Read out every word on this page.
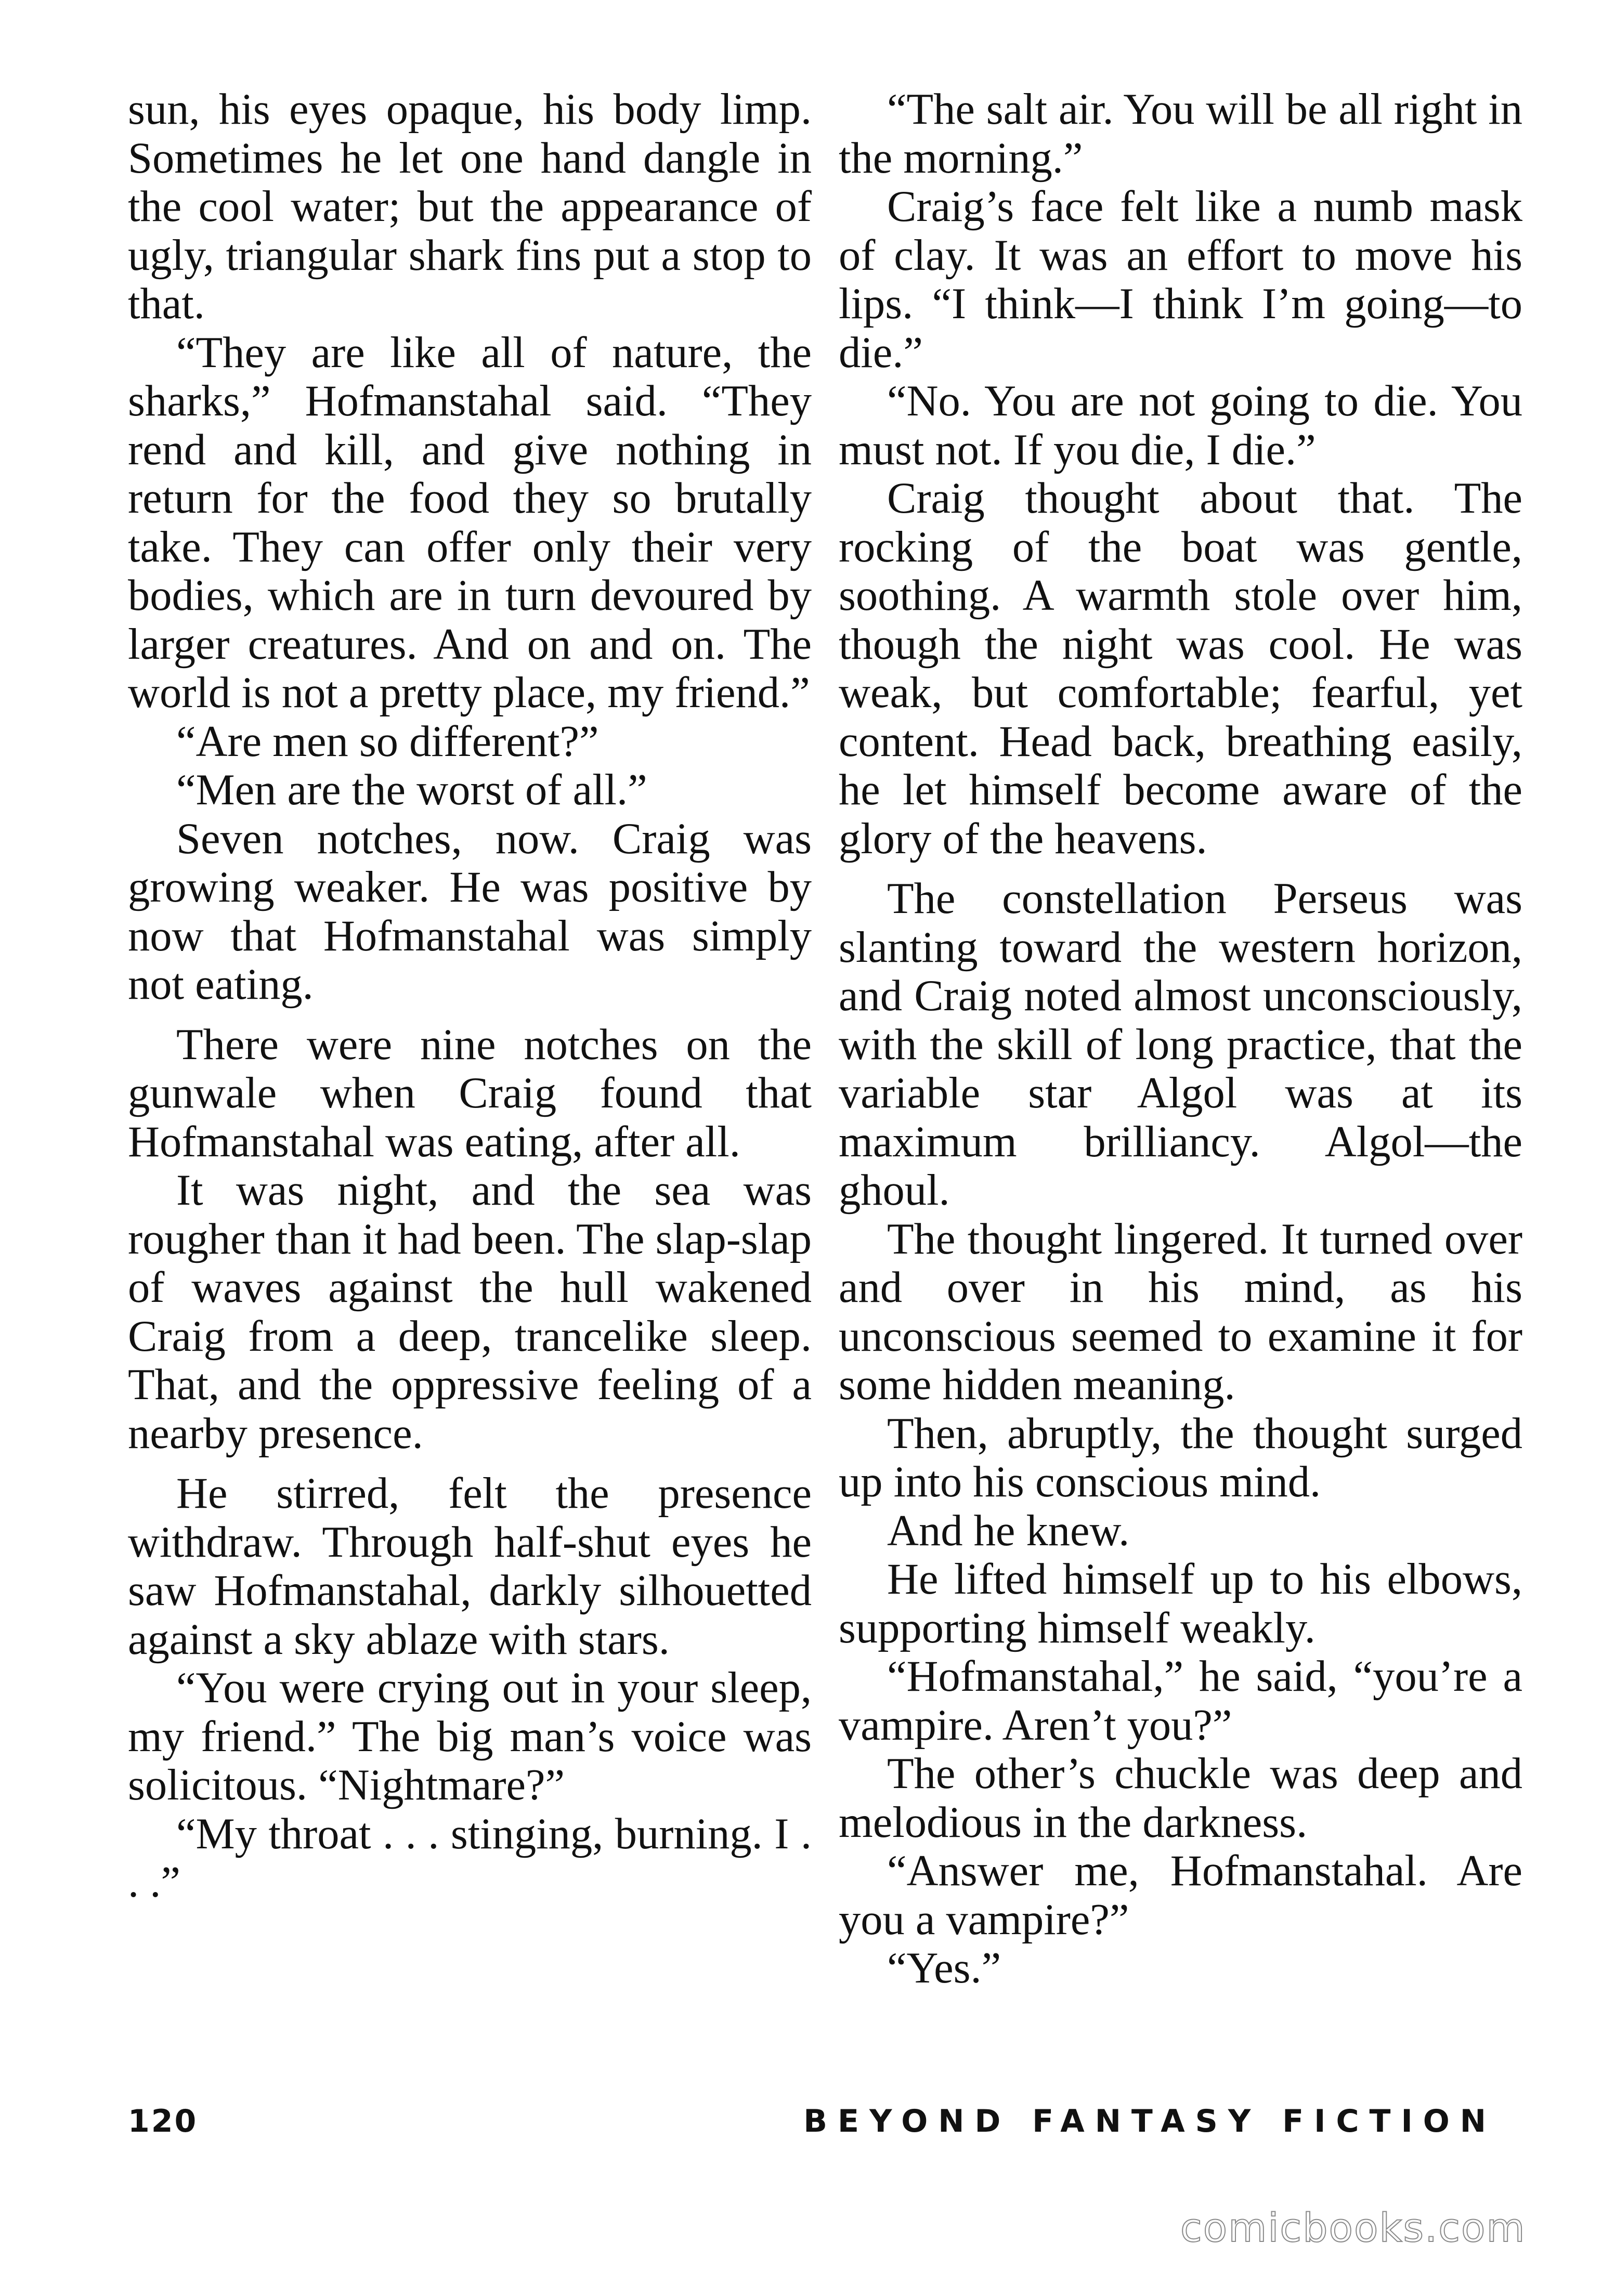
sun, his eyes opaque, his body limp. Sometimes he let one hand dangle in the cool water; but the appearance of ugly, triangular shark fins put a stop to that.

“They are like all of nature, the sharks,” Hofmanstahal said. “They rend and kill, and give nothing in return for the food they so brutally take. They can offer only their very bodies, which are in turn devoured by larger creatures. And on and on. The world is not a pretty place, my friend.”

“Are men so different?”

“Men are the worst of all.”

Seven notches, now. Craig was growing weaker. He was positive by now that Hofmanstahal was simply not eating.

There were nine notches on the gunwale when Craig found that Hofmanstahal was eating, after all.

It was night, and the sea was rougher than it had been. The slap-slap of waves against the hull wakened Craig from a deep, trancelike sleep. That, and the oppressive feeling of a nearby presence.

He stirred, felt the presence withdraw. Through half-shut eyes he saw Hofmanstahal, darkly silhouetted against a sky ablaze with stars.

“You were crying out in your sleep, my friend.” The big man’s voice was solicitous. “Nightmare?”

“My throat . . . stinging, burning. I . . .”

“The salt air. You will be all right in the morning.”

Craig’s face felt like a numb mask of clay. It was an effort to move his lips. “I think—I think I’m going—to die.”

“No. You are not going to die. You must not. If you die, I die.”

Craig thought about that. The rocking of the boat was gentle, soothing. A warmth stole over him, though the night was cool. He was weak, but comfortable; fearful, yet content. Head back, breathing easily, he let himself become aware of the glory of the heavens.

The constellation Perseus was slanting toward the western horizon, and Craig noted almost unconsciously, with the skill of long practice, that the variable star Algol was at its maximum brilliancy. Algol—the ghoul.

The thought lingered. It turned over and over in his mind, as his unconscious seemed to examine it for some hidden meaning.

Then, abruptly, the thought surged up into his conscious mind.

And he knew.

He lifted himself up to his elbows, supporting himself weakly.

“Hofmanstahal,” he said, “you’re a vampire. Aren’t you?”

The other’s chuckle was deep and melodious in the darkness.

“Answer me, Hofmanstahal. Are you a vampire?”

“Yes.”

120	BEYOND FANTASY FICTION
comicbooks.com
